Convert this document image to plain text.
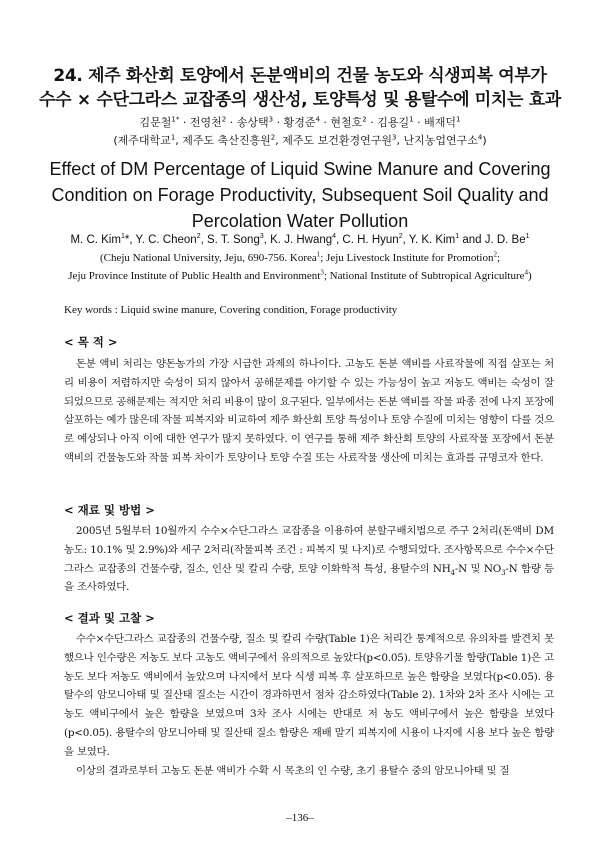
24. 제주 화산회 토양에서 돈분액비의 건물 농도와 식생피복 여부가
수수 × 수단그라스 교잡종의 생산성, 토양특성 및 용탈수에 미치는 효과
김문철$^{1*}$ · 전영천$^2$ · 송상택$^3$ · 황경준$^4$ · 현철호$^2$ · 김용길$^1$ · 배재덕$^1$
(제주대학교$^1$, 제주도 축산진흥원$^2$, 제주도 보건환경연구원$^3$, 난지농업연구소$^4$)
Effect of DM Percentage of Liquid Swine Manure and Covering
Condition on Forage Productivity, Subsequent Soil Quality and
Percolation Water Pollution
M. C. Kim$^1$*, Y. C. Cheon$^2$, S. T. Song$^3$, K. J. Hwang$^4$, C. H. Hyun$^2$, Y. K. Kim$^1$ and J. D. Be$^1$
(Cheju National University, Jeju, 690-756. Korea$^1$; Jeju Livestock Institute for Promotion$^2$;
Jeju Province Institute of Public Health and Environment$^3$; National Institute of Subtropical Agriculture$^4$)
Key words : Liquid swine manure, Covering condition, Forage productivity
< 목 적 >
돈분 액비 처리는 양돈농가의 가장 시급한 과제의 하나이다. 고농도 돈분 액비를 사료작물에 직접 살포는 처리 비용이 저렴하지만 숙성이 되지 않아서 공해문제를 야기할 수 있는 가능성이 높고 저농도 액비는 숙성이 잘 되었으므로 공해문제는 적지만 처리 비용이 많이 요구된다. 일부에서는 돈분 액비를 작물 파종 전에 나지 포장에 살포하는 예가 많은데 작물 피복지와 비교하여 제주 화산회 토양 특성이나 토양 수질에 미치는 영향이 다를 것으로 예상되나 아직 이에 대한 연구가 많지 못하였다. 이 연구를 통해 제주 화산회 토양의 사료작물 포장에서 돈분 액비의 건물농도와 작물 피복 차이가 토양이나 토양 수질 또는 사료작물 생산에 미치는 효과를 규명코자 한다.
< 재료 및 방법 >
2005년 5월부터 10월까지 수수×수단그라스 교잡종을 이용하여 분할구배치법으로 주구 2처리(돈액비 DM 농도: 10.1% 및 2.9%)와 세구 2처리(작물피복 조건 : 피복지 및 나지)로 수행되었다. 조사항목으로 수수×수단그라스 교잡종의 건물수량, 질소, 인산 및 칼리 수량, 토양 이화학적 특성, 용탈수의 $NH_4-N$ 및 $NO_3-N$ 함량 등을 조사하였다.
< 결과 및 고찰 >
수수×수단그라스 교잡종의 건물수량, 질소 및 칼리 수량(Table 1)은 처리간 통계적으로 유의차를 발견치 못 했으나 인수량은 저농도 보다 고농도 액비구에서 유의적으로 높았다(p<0.05). 토양유기물 함량(Table 1)은 고농도 보다 저농도 액비에서 높았으며 나지에서 보다 식생 피복 후 살포하므로 높은 함량을 보였다(p<0.05). 용탈수의 암모니아태 및 질산태 질소는 시간이 경과하면서 점차 감소하였다(Table 2). 1차와 2차 조사 시에는 고농도 액비구에서 높은 함량을 보였으며 3차 조사 시에는 반대로 저 농도 액비구에서 높은 함량을 보였다(p<0.05). 용탈수의 암모니아태 및 질산태 질소 함량은 재배 말기 피복지에 시용이 나지에 시용 보다 높은 함량을 보였다.
이상의 결과로부터 고농도 돈분 액비가 수확 시 목초의 인 수량, 초기 용탈수 중의 암모니아태 및 질
–136–
